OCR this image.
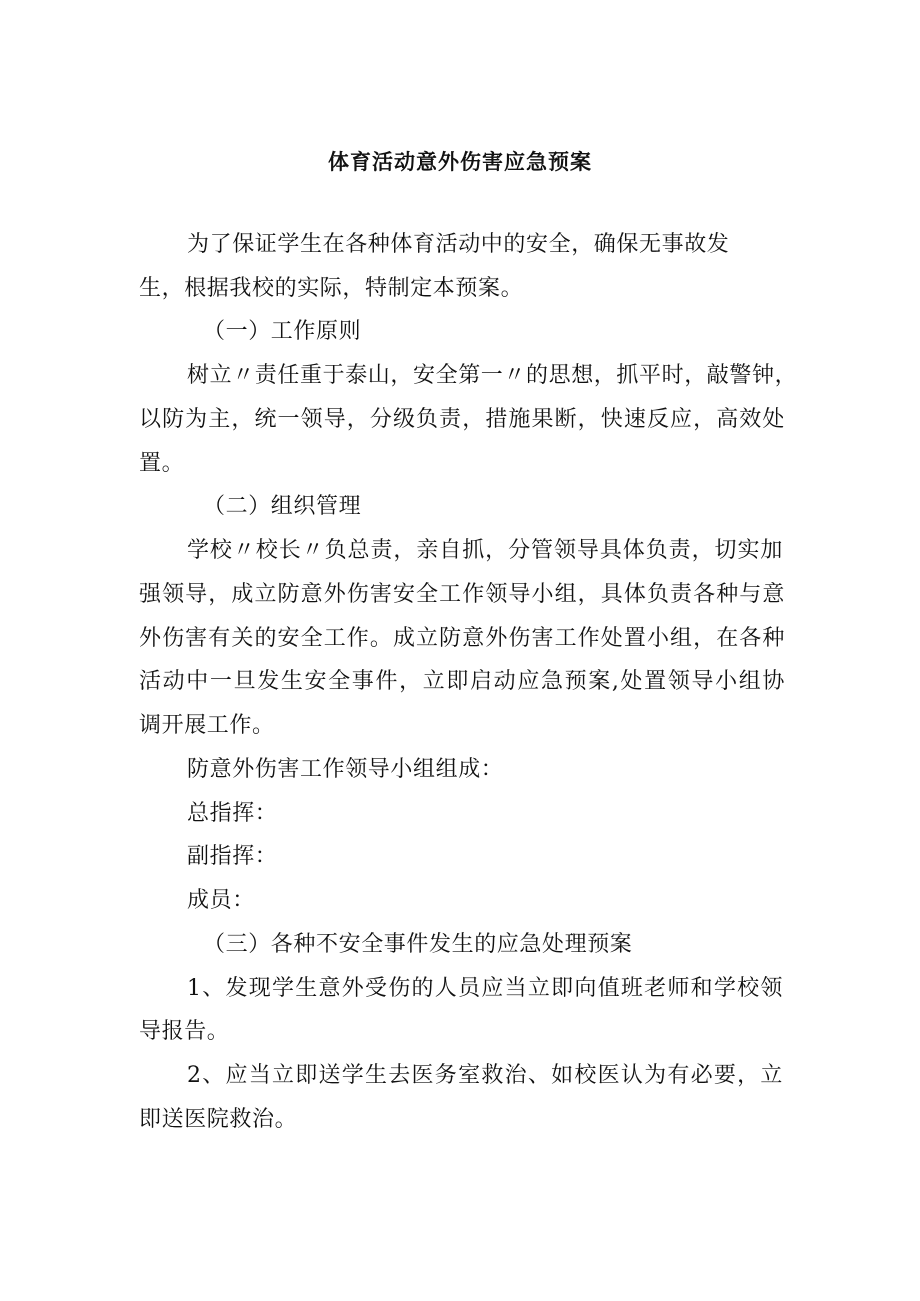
体育活动意外伤害应急预案
为了保证学生在各种体育活动中的安全，确保无事故发
生，根据我校的实际，特制定本预案。
（一）工作原则
树立〃责任重于泰山，安全第一〃的思想，抓平时，敲警钟，
以防为主，统一领导，分级负责，措施果断，快速反应，高效处
置。
（二）组织管理
学校〃校长〃负总责，亲自抓，分管领导具体负责，切实加
强领导，成立防意外伤害安全工作领导小组，具体负责各种与意
外伤害有关的安全工作。成立防意外伤害工作处置小组，在各种
活动中一旦发生安全事件，立即启动应急预案,处置领导小组协
调开展工作。
防意外伤害工作领导小组组成：
总指挥：
副指挥：
成员：
（三）各种不安全事件发生的应急处理预案
1、发现学生意外受伤的人员应当立即向值班老师和学校领
导报告。
2、应当立即送学生去医务室救治、如校医认为有必要，立
即送医院救治。
